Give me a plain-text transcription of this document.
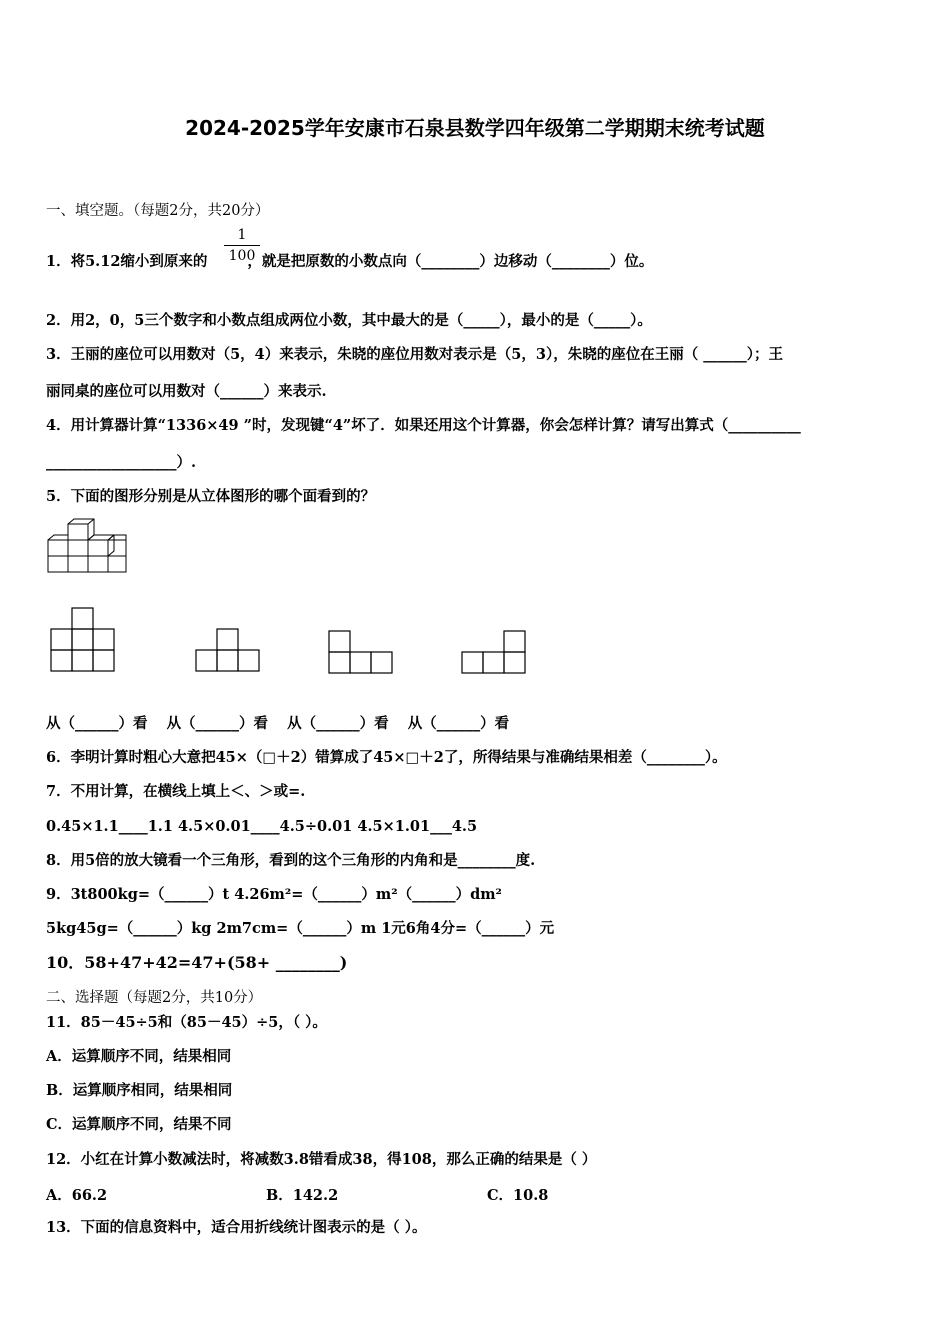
2024-2025学年安康市石泉县数学四年级第二学期期末统考试题
一、填空题。（每题2分，共20分）
1．将5.12缩小到原来的	，就是把原数的小数点向（________）边移动（________）位。
$\frac{1}{100}$
2．用2，0，5三个数字和小数点组成两位小数，其中最大的是（_____），最小的是（_____）。
3．王丽的座位可以用数对（5，4）来表示，朱晓的座位用数对表示是（5，3），朱晓的座位在王丽（ ______）；王
丽同桌的座位可以用数对（______）来表示.
4．用计算器计算“1336×49 ”时，发现键“4”坏了．如果还用这个计算器，你会怎样计算？请写出算式（__________
__________________）.
5．下面的图形分别是从立体图形的哪个面看到的？
从（______）看 从（______）看 从（______）看 从（______）看
6．李明计算时粗心大意把45×（□＋2）错算成了45×□＋2了，所得结果与准确结果相差（________）。
7．不用计算，在横线上填上＜、＞或=.
0.45×1.1____1.1 4.5×0.01____4.5÷0.01 4.5×1.01___4.5
8．用5倍的放大镜看一个三角形，看到的这个三角形的内角和是________度.
9．3t800kg=（______）t 4.26m²=（______）m²（______）dm²
5kg45g=（______）kg 2m7cm=（______）m 1元6角4分=（______）元
10．58+47+42=47+(58+ ________)
二、选择题（每题2分，共10分）
11．85－45÷5和（85－45）÷5，（ ）。
A．运算顺序不同，结果相同
B．运算顺序相同，结果相同
C．运算顺序不同，结果不同
12．小红在计算小数减法时，将减数3.8错看成38，得108，那么正确的结果是（ ）
A．66.2	B．142.2	C．10.8
13．下面的信息资料中，适合用折线统计图表示的是（ ）。
